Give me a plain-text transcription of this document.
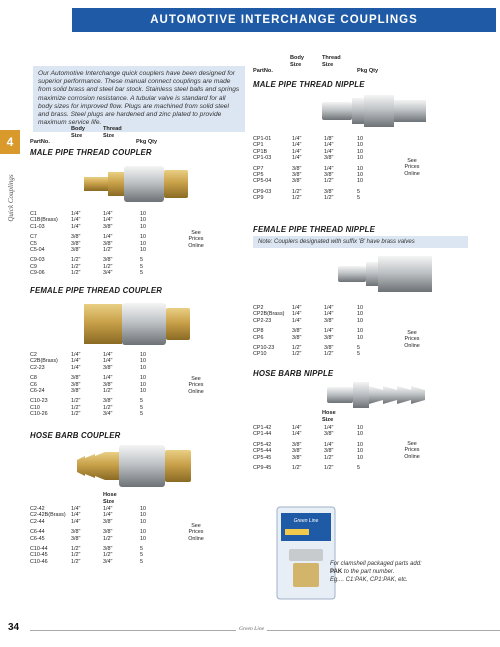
AUTOMOTIVE INTERCHANGE COUPLINGS
4
Quick Couplings

Our Automotive Interchange quick couplers have been designed for superior performance. These manual connect couplings are made from solid brass and steel bar stock. Stainless steel balls and springs maximize corrosion resistance. A tubular valve is standard for all body sizes for improved flow. Plugs are machined from solid steel and brass. Steel plugs are hardened and zinc plated to provide maximum service life.

PartNo.
Body
Size
Thread
Size
Pkg Qty
PartNo.
Body
Size
Thread
Size
Pkg Qty
MALE PIPE THREAD COUPLER
C1	1/4"	1/4"	10
C1B(Brass) 1/4"	1/4"	10
C1-03	1/4"	3/8"	10
C7	3/8"	1/4"	10
C5	3/8"	3/8"	10
C5-04	3/8"	1/2"	10
C9-03	1/2"	3/8"	5
C9	1/2"	1/2"	5
C9-06	1/2"	3/4"	5
See
Prices
Online
FEMALE PIPE THREAD COUPLER
C2	1/4"	1/4"	10
C2B(Brass) 1/4"	1/4"	10
C2-23	1/4"	3/8"	10
C8	3/8"	1/4"	10
C6	3/8"	3/8"	10
C6-24	3/8"	1/2"	10
C10-23	1/2"	3/8"	5
C10	1/2"	1/2"	5
C10-26	1/2"	3/4"	5
See
Prices
Online
HOSE BARB COUPLER
Hose
Size
C2-42	1/4"	1/4"	10
C2-42B(Brass) 1/4"	1/4"	10
C2-44	1/4"	3/8"	10
C6-44	3/8"	3/8"	10
C6-45	3/8"	1/2"	10
C10-44	1/2"	3/8"	5
C10-45	1/2"	1/2"	5
C10-46	1/2"	3/4"	5
See
Prices
Online
MALE PIPE THREAD NIPPLE
CP1-01	1/4"	1/8"	10
CP1	1/4"	1/4"	10
CP1B	1/4"	1/4"	10
CP1-03	1/4"	3/8"	10
CP7	3/8"	1/4"	10
CP5	3/8"	3/8"	10
CP5-04	3/8"	1/2"	10
CP9-03	1/2"	3/8"	5
CP9	1/2"	1/2"	5
See
Prices
Online
FEMALE PIPE THREAD NIPPLE
Note: Couplers designated with suffix 'B' have brass valves
CP2	1/4"	1/4"	10
CP2B(Brass) 1/4"	1/4"	10
CP2-23	1/4"	3/8"	10
CP8	3/8"	1/4"	10
CP6	3/8"	3/8"	10
CP10-23	1/2"	3/8"	5
CP10	1/2"	1/2"	5
See
Prices
Online
HOSE BARB NIPPLE
Hose
Size
CP1-42	1/4"	1/4"	10
CP1-44	1/4"	3/8"	10
CP5-42	3/8"	1/4"	10
CP5-44	3/8"	3/8"	10
CP5-45	3/8"	1/2"	10
CP9-45	1/2"	1/2"	5
See
Prices
Online
Green Line
For clamshell packaged parts add:
PAK to the part number.
Eg.... C1:PAK, CP1:PAK, etc.
34	Green Line
